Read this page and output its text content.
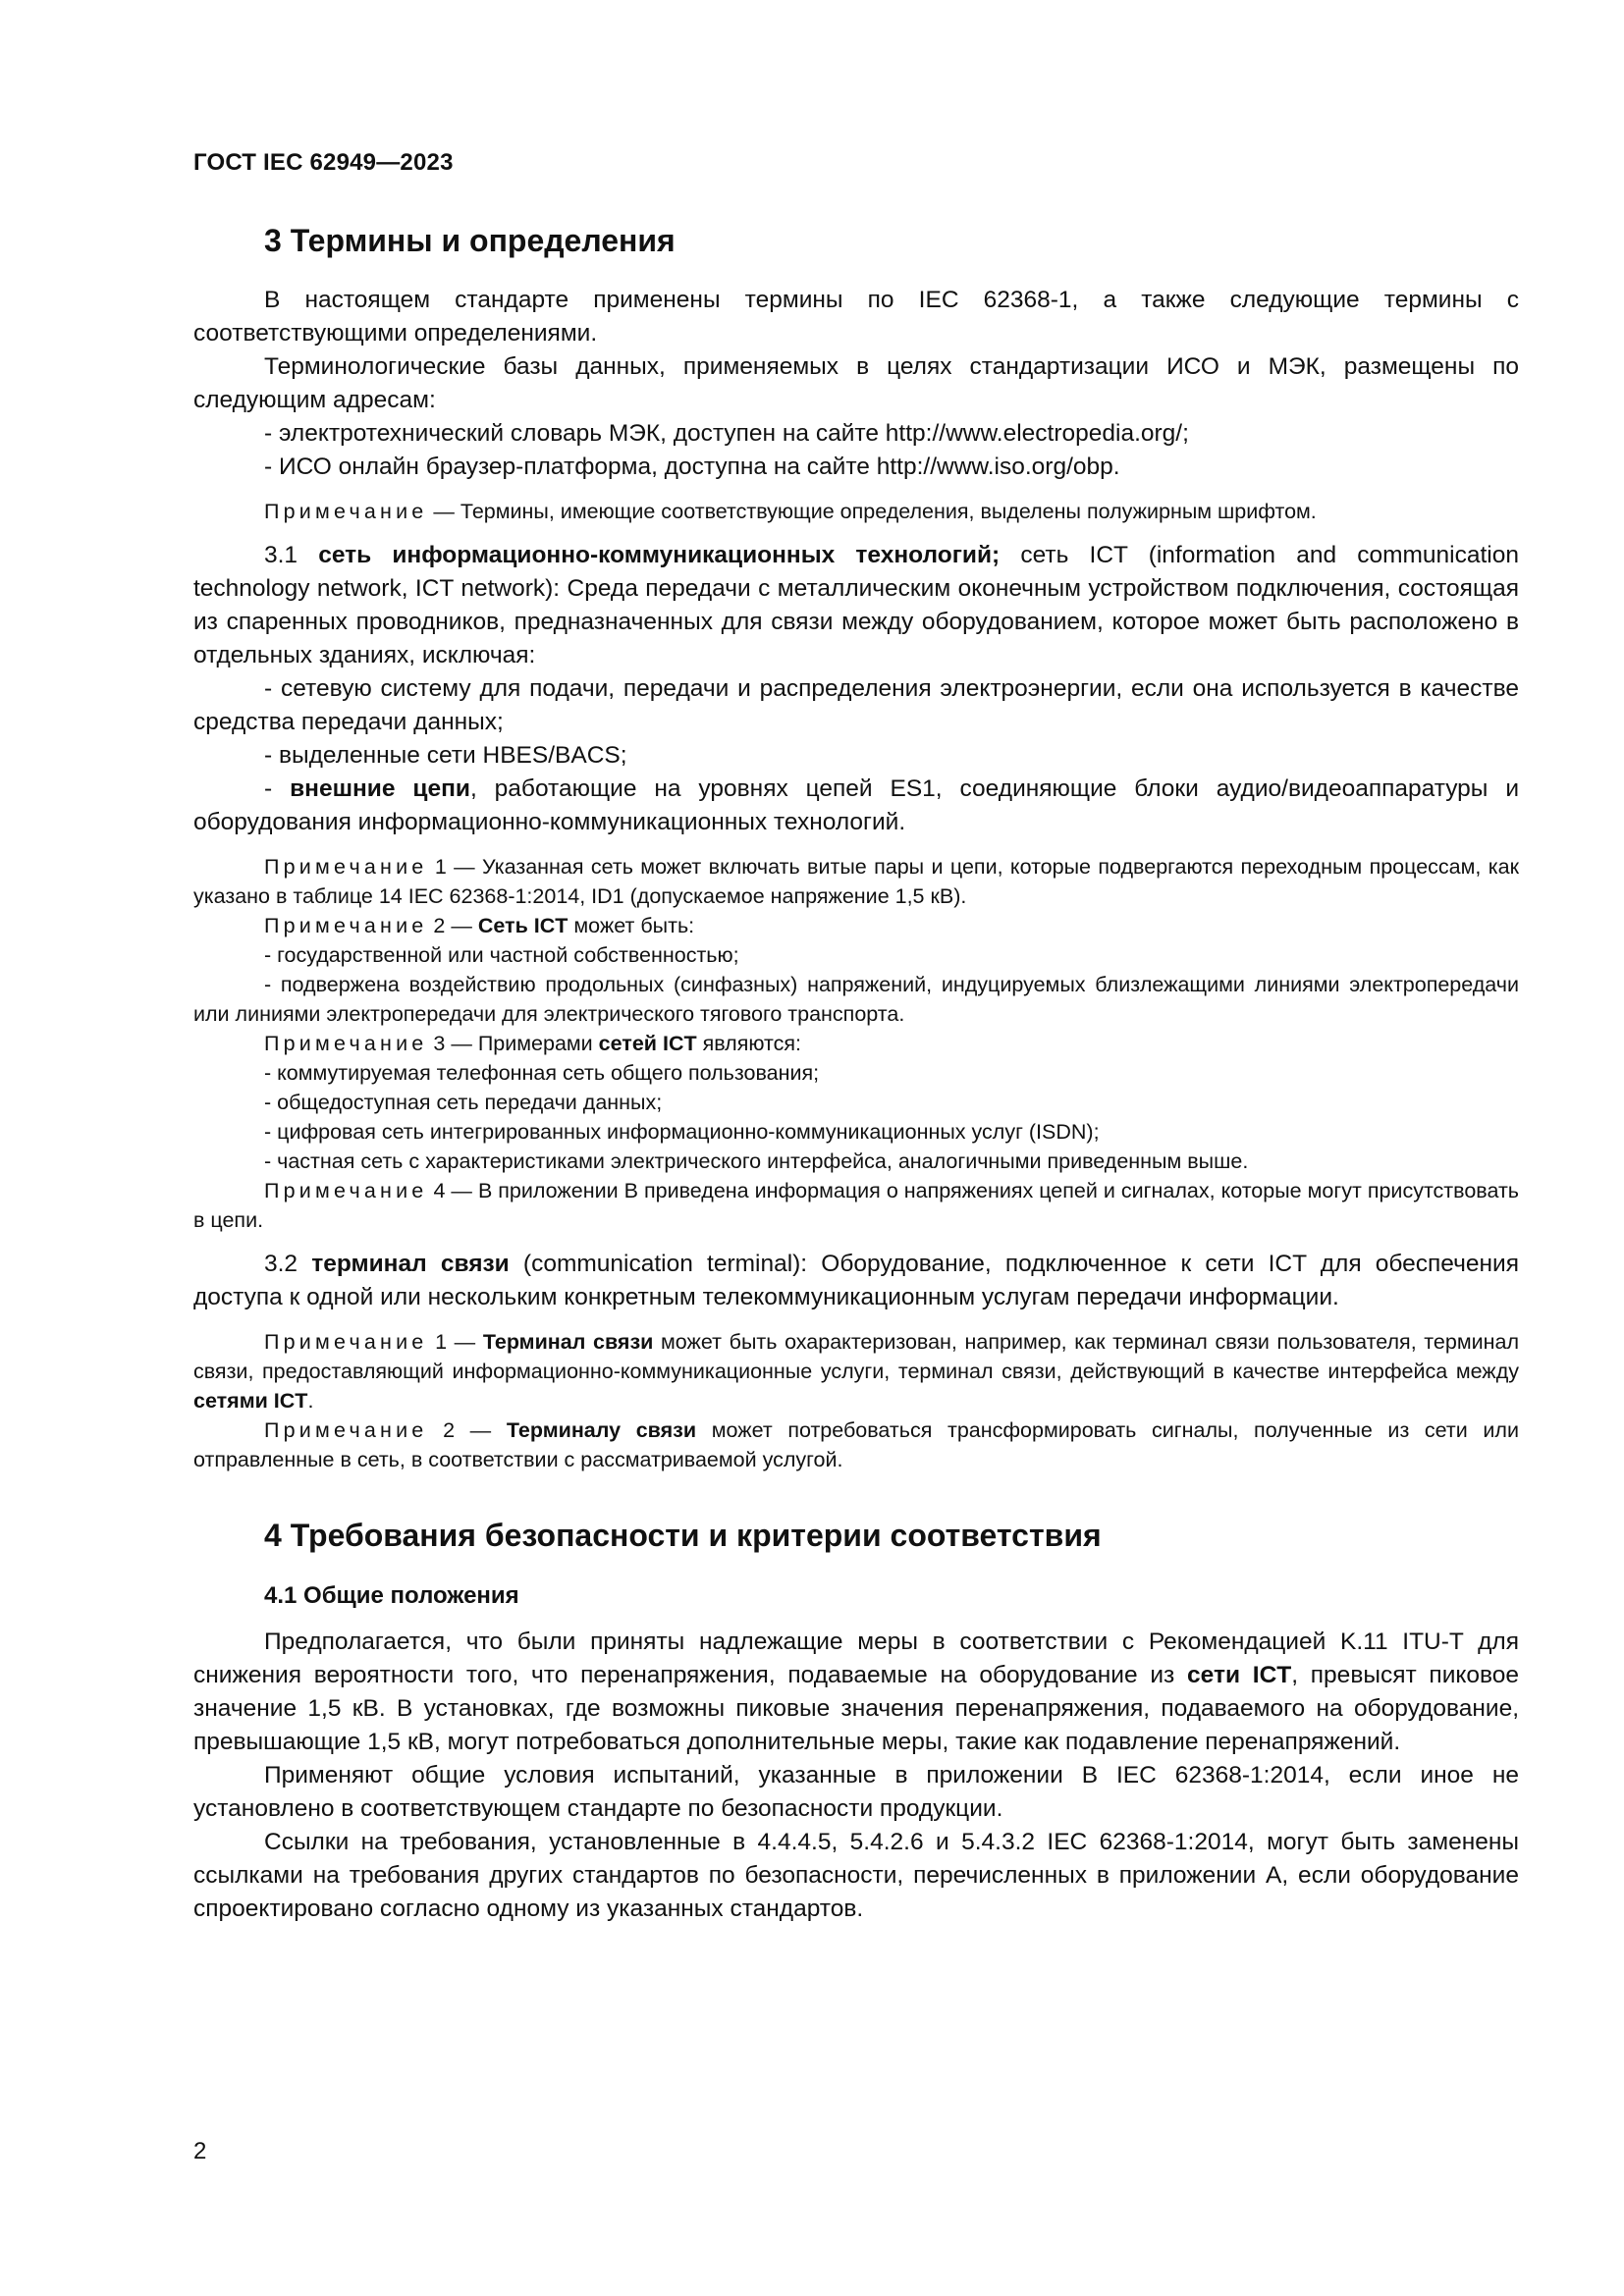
ГОСТ IEC 62949—2023
3 Термины и определения

В настоящем стандарте применены термины по IEC 62368-1, а также следующие термины с соответствующими определениями.

Терминологические базы данных, применяемых в целях стандартизации ИСО и МЭК, размещены по следующим адресам:

- электротехнический словарь МЭК, доступен на сайте http://www.electropedia.org/;

- ИСО онлайн браузер-платформа, доступна на сайте http://www.iso.org/obp.

Примечание — Термины, имеющие соответствующие определения, выделены полужирным шрифтом.

3.1 сеть информационно-коммуникационных технологий; сеть ICT (information and communication technology network, ICT network): Среда передачи с металлическим оконечным устройством подключения, состоящая из спаренных проводников, предназначенных для связи между оборудованием, которое может быть расположено в отдельных зданиях, исключая:

- сетевую систему для подачи, передачи и распределения электроэнергии, если она используется в качестве средства передачи данных;

- выделенные сети HBES/BACS;

- внешние цепи, работающие на уровнях цепей ES1, соединяющие блоки аудио/видеоаппаратуры и оборудования информационно-коммуникационных технологий.

Примечание 1 — Указанная сеть может включать витые пары и цепи, которые подвергаются переходным процессам, как указано в таблице 14 IEC 62368-1:2014, ID1 (допускаемое напряжение 1,5 кВ).

Примечание 2 — Сеть ICT может быть:

- государственной или частной собственностью;

- подвержена воздействию продольных (синфазных) напряжений, индуцируемых близлежащими линиями электропередачи или линиями электропередачи для электрического тягового транспорта.

Примечание 3 — Примерами сетей ICT являются:

- коммутируемая телефонная сеть общего пользования;

- общедоступная сеть передачи данных;

- цифровая сеть интегрированных информационно-коммуникационных услуг (ISDN);

- частная сеть с характеристиками электрического интерфейса, аналогичными приведенным выше.

Примечание 4 — В приложении В приведена информация о напряжениях цепей и сигналах, которые могут присутствовать в цепи.

3.2 терминал связи (communication terminal): Оборудование, подключенное к сети ICT для обеспечения доступа к одной или нескольким конкретным телекоммуникационным услугам передачи информации.

Примечание 1 — Терминал связи может быть охарактеризован, например, как терминал связи пользователя, терминал связи, предоставляющий информационно-коммуникационные услуги, терминал связи, действующий в качестве интерфейса между сетями ICT.

Примечание 2 — Терминалу связи может потребоваться трансформировать сигналы, полученные из сети или отправленные в сеть, в соответствии с рассматриваемой услугой.

4 Требования безопасности и критерии соответствия
4.1 Общие положения

Предполагается, что были приняты надлежащие меры в соответствии с Рекомендацией K.11 ITU-T для снижения вероятности того, что перенапряжения, подаваемые на оборудование из сети ICT, превысят пиковое значение 1,5 кВ. В установках, где возможны пиковые значения перенапряжения, подаваемого на оборудование, превышающие 1,5 кВ, могут потребоваться дополнительные меры, такие как подавление перенапряжений.

Применяют общие условия испытаний, указанные в приложении B IEC 62368-1:2014, если иное не установлено в соответствующем стандарте по безопасности продукции.

Ссылки на требования, установленные в 4.4.4.5, 5.4.2.6 и 5.4.3.2 IEC 62368-1:2014, могут быть заменены ссылками на требования других стандартов по безопасности, перечисленных в приложении А, если оборудование спроектировано согласно одному из указанных стандартов.

2
